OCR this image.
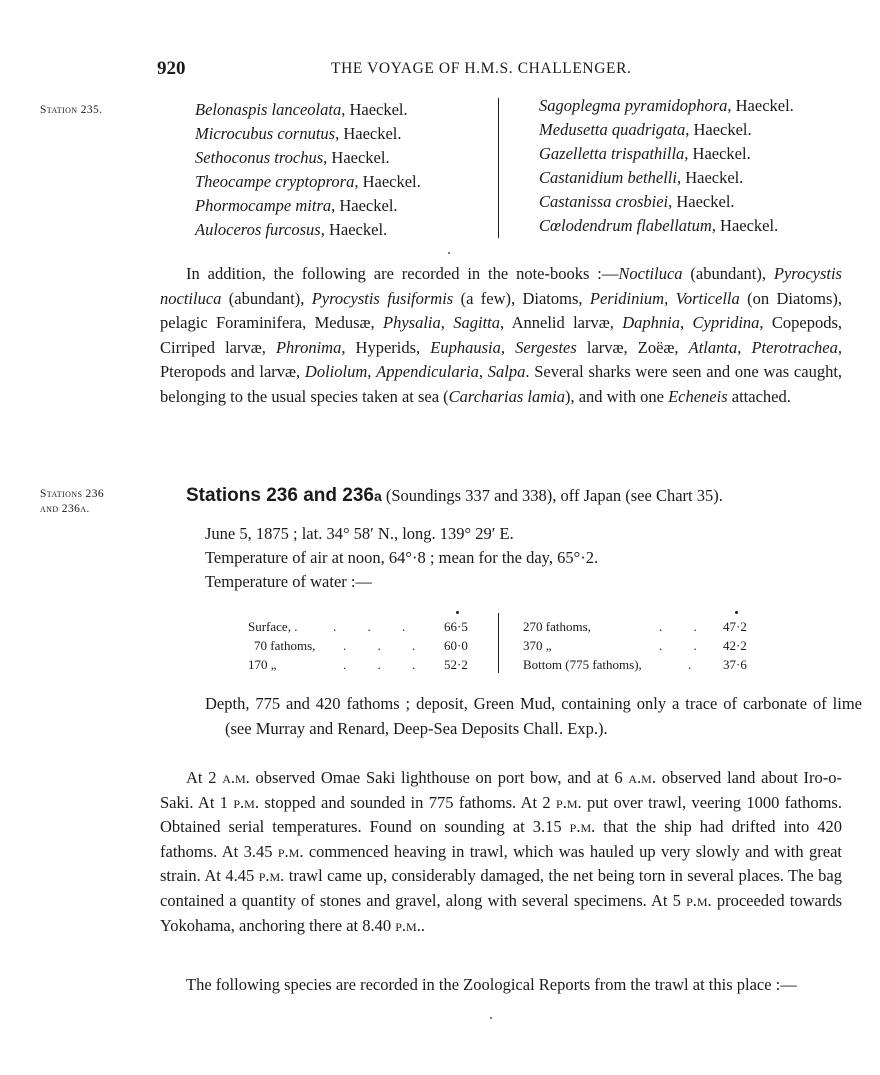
920	THE VOYAGE OF H.M.S. CHALLENGER.
Station 235.	Belonaspis lanceolata, Haeckel.
Microcubus cornutus, Haeckel.
Sethoconus trochus, Haeckel.
Theocampe cryptoprora, Haeckel.
Phormocampe mitra, Haeckel.
Auloceros furcosus, Haeckel.
Sagoplegma pyramidophora, Haeckel.
Medusetta quadrigata, Haeckel.
Gazelletta trispathilla, Haeckel.
Castanidium bethelli, Haeckel.
Castanissa crosbiei, Haeckel.
Cœlodendrum flabellatum, Haeckel.

In addition, the following are recorded in the note-books :—Noctiluca (abundant), Pyrocystis noctiluca (abundant), Pyrocystis fusiformis (a few), Diatoms, Peridinium, Vorticella (on Diatoms), pelagic Foraminifera, Medusæ, Physalia, Sagitta, Annelid larvæ, Daphnia, Cypridina, Copepods, Cirriped larvæ, Phronima, Hyperids, Euphausia, Sergestes larvæ, Zoëæ, Atlanta, Pterotrachea, Pteropods and larvæ, Doliolum, Appendicularia, Salpa. Several sharks were seen and one was caught, belonging to the usual species taken at sea (Carcharias lamia), and with one Echeneis attached.

Stations 236
and 236a.
Stations 236 and 236a (Soundings 337 and 338), off Japan (see Chart 35).
June 5, 1875 ; lat. 34° 58′ N., long. 139° 29′ E.
Temperature of air at noon, 64°·8 ; mean for the day, 65°·2.
Temperature of water :—
Surface, .	. . . 66·5
70 fathoms, . . . 60·0
170 „	. . . 52·2
270 fathoms,	. . 47·2
370 „	. . 42·2
Bottom (775 fathoms),	. 37·6

Depth, 775 and 420 fathoms ; deposit, Green Mud, containing only a trace of carbonate of lime (see Murray and Renard, Deep-Sea Deposits Chall. Exp.).

At 2 a.m. observed Omae Saki lighthouse on port bow, and at 6 a.m. observed land about Iro-o-Saki. At 1 p.m. stopped and sounded in 775 fathoms. At 2 p.m. put over trawl, veering 1000 fathoms. Obtained serial temperatures. Found on sounding at 3.15 p.m. that the ship had drifted into 420 fathoms. At 3.45 p.m. commenced heaving in trawl, which was hauled up very slowly and with great strain. At 4.45 p.m. trawl came up, considerably damaged, the net being torn in several places. The bag contained a quantity of stones and gravel, along with several specimens. At 5 p.m. proceeded towards Yokohama, anchoring there at 8.40 p.m..

The following species are recorded in the Zoological Reports from the trawl at this place :—
